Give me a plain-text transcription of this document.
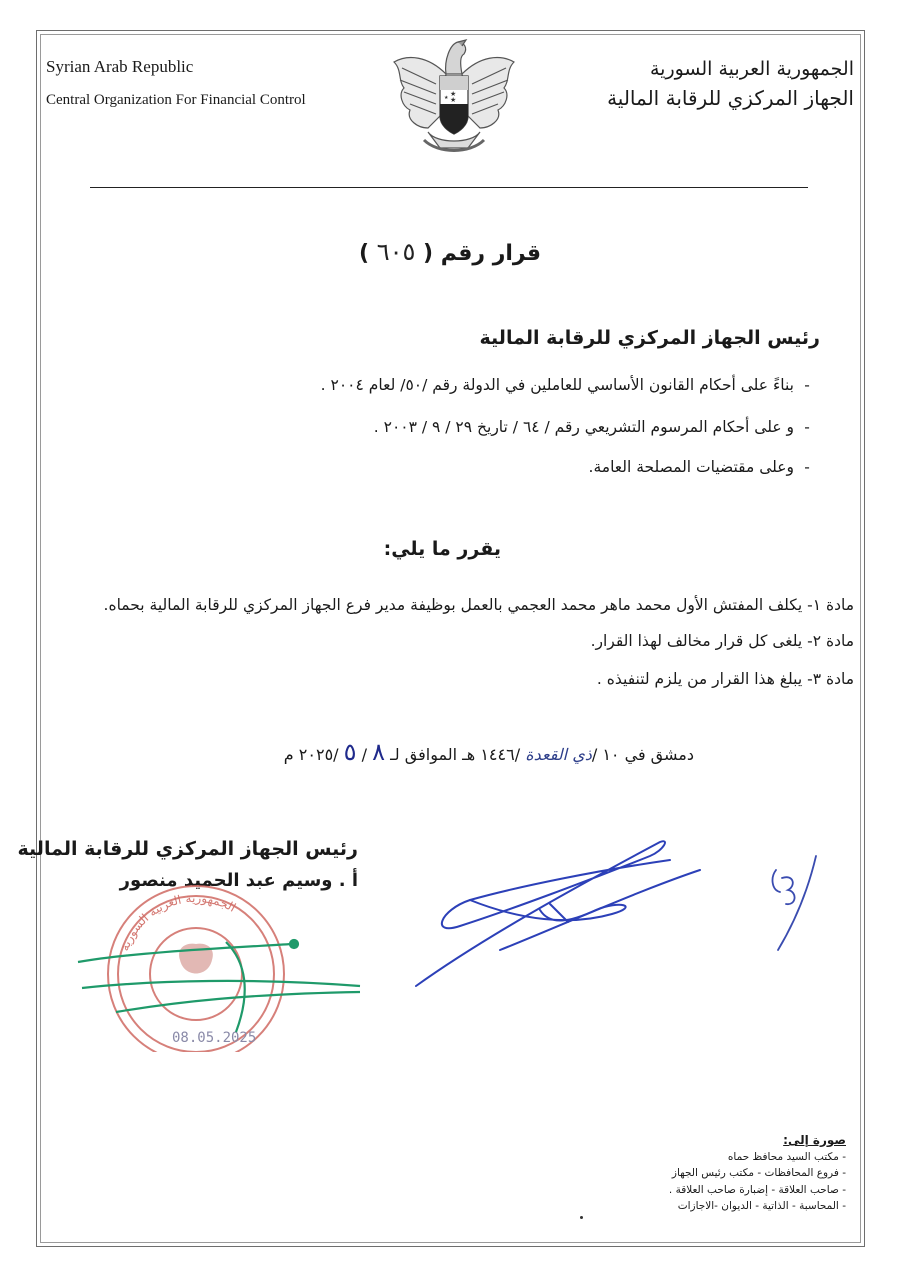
Syrian Arab Republic
Central Organization For Financial Control
الجمهورية العربية السورية
الجهاز المركزي للرقابة المالية
★
★
★
قرار رقم ( ٦٠٥ )
رئيس الجهاز المركزي للرقابة المالية
-بناءً على أحكام القانون الأساسي للعاملين في الدولة رقم /٥٠/ لعام ٢٠٠٤ .
-و على أحكام المرسوم التشريعي رقم / ٦٤ / تاريخ ٢٩ / ٩ / ٢٠٠٣ .
-وعلى مقتضيات المصلحة العامة.
يقرر ما يلي:
مادة ١- يكلف المفتش الأول محمد ماهر محمد العجمي بالعمل بوظيفة مدير فرع الجهاز المركزي للرقابة المالية بحماه.
مادة ٢- يلغى كل قرار مخالف لهذا القرار.
مادة ٣- يبلغ هذا القرار من يلزم لتنفيذه .
دمشق في ١٠ /ذي القعدة /١٤٤٦ هـ الموافق لـ ٨ / ٥ /٢٠٢٥ م
رئيس الجهاز المركزي للرقابة المالية
أ . وسيم عبد الحميد منصور
الجمهورية العربية السورية
08.05.2025
صورة إلى:
- مكتب السيد محافظ حماه
- فروع المحافظات - مكتب رئيس الجهاز
- صاحب العلاقة - إضبارة صاحب العلاقة .
- المحاسبة - الذاتية - الديوان -الاجازات
